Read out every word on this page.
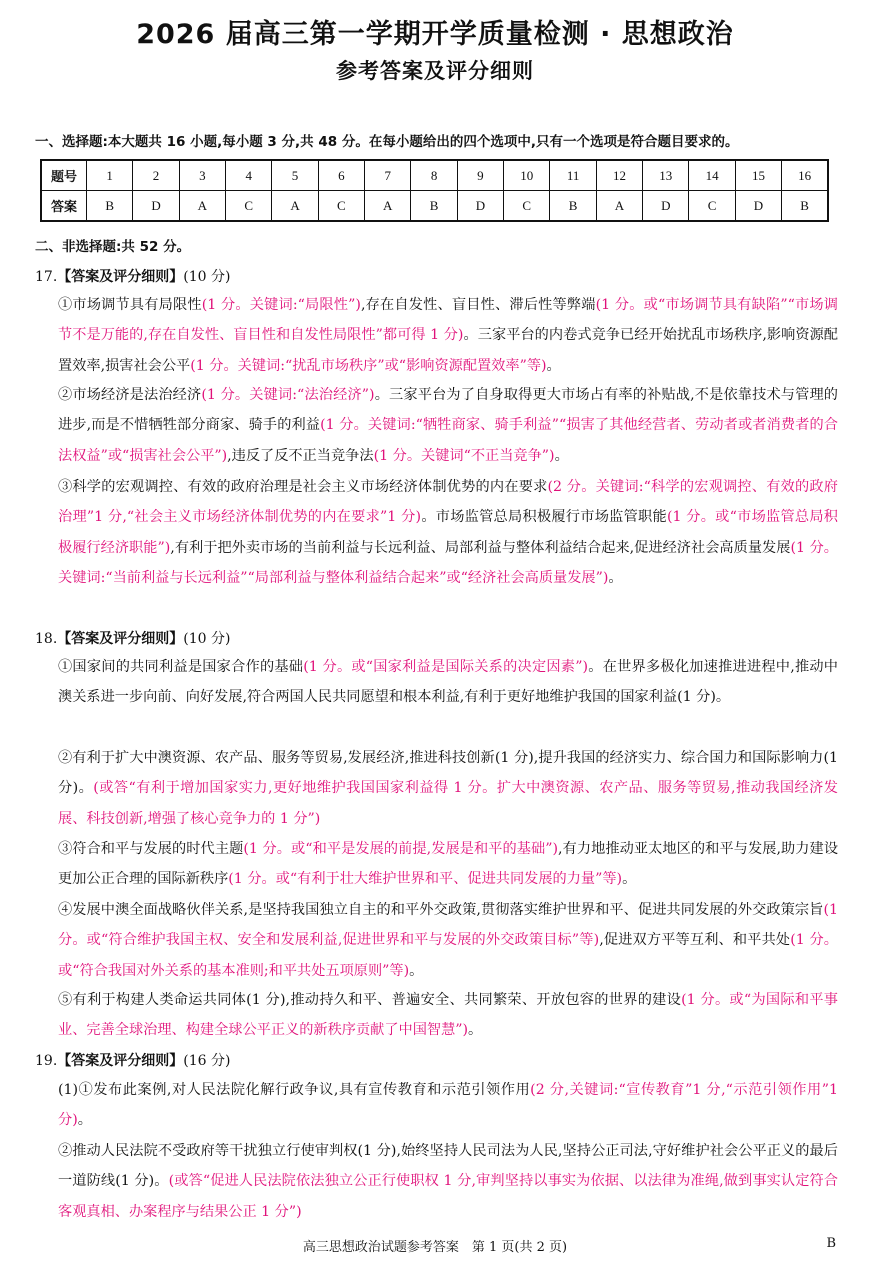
2026 届高三第一学期开学质量检测 · 思想政治
参考答案及评分细则
一、选择题:本大题共 16 小题,每小题 3 分,共 48 分。在每小题给出的四个选项中,只有一个选项是符合题目要求的。
题号	1	2	3	4	5	6	7	8	9	10	11	12	13	14	15	16
答案	B	D	A	C	A	C	A	B	D	C	B	A	D	C	D	B
二、非选择题:共 52 分。
17.【答案及评分细则】(10 分)

①市场调节具有局限性(1 分。关键词:“局限性”),存在自发性、盲目性、滞后性等弊端(1 分。或“市场调节具有缺陷”“市场调节不是万能的,存在自发性、盲目性和自发性局限性”都可得 1 分)。三家平台的内卷式竞争已经开始扰乱市场秩序,影响资源配置效率,损害社会公平(1 分。关键词:“扰乱市场秩序”或“影响资源配置效率”等)。

②市场经济是法治经济(1 分。关键词:“法治经济”)。三家平台为了自身取得更大市场占有率的补贴战,不是依靠技术与管理的进步,而是不惜牺牲部分商家、骑手的利益(1 分。关键词:“牺牲商家、骑手利益”“损害了其他经营者、劳动者或者消费者的合法权益”或“损害社会公平”),违反了反不正当竞争法(1 分。关键词“不正当竞争”)。

③科学的宏观调控、有效的政府治理是社会主义市场经济体制优势的内在要求(2 分。关键词:“科学的宏观调控、有效的政府治理”1 分,“社会主义市场经济体制优势的内在要求”1 分)。市场监管总局积极履行市场监管职能(1 分。或“市场监管总局积极履行经济职能”),有利于把外卖市场的当前利益与长远利益、局部利益与整体利益结合起来,促进经济社会高质量发展(1 分。关键词:“当前利益与长远利益”“局部利益与整体利益结合起来”或“经济社会高质量发展”)。

18.【答案及评分细则】(10 分)

①国家间的共同利益是国家合作的基础(1 分。或“国家利益是国际关系的决定因素”)。在世界多极化加速推进进程中,推动中澳关系进一步向前、向好发展,符合两国人民共同愿望和根本利益,有利于更好地维护我国的国家利益(1 分)。

②有利于扩大中澳资源、农产品、服务等贸易,发展经济,推进科技创新(1 分),提升我国的经济实力、综合国力和国际影响力(1 分)。(或答“有利于增加国家实力,更好地维护我国国家利益得 1 分。扩大中澳资源、农产品、服务等贸易,推动我国经济发展、科技创新,增强了核心竞争力的 1 分”)

③符合和平与发展的时代主题(1 分。或“和平是发展的前提,发展是和平的基础”),有力地推动亚太地区的和平与发展,助力建设更加公正合理的国际新秩序(1 分。或“有利于壮大维护世界和平、促进共同发展的力量”等)。

④发展中澳全面战略伙伴关系,是坚持我国独立自主的和平外交政策,贯彻落实维护世界和平、促进共同发展的外交政策宗旨(1 分。或“符合维护我国主权、安全和发展利益,促进世界和平与发展的外交政策目标”等),促进双方平等互利、和平共处(1 分。或“符合我国对外关系的基本准则;和平共处五项原则”等)。

⑤有利于构建人类命运共同体(1 分),推动持久和平、普遍安全、共同繁荣、开放包容的世界的建设(1 分。或“为国际和平事业、完善全球治理、构建全球公平正义的新秩序贡献了中国智慧”)。

19.【答案及评分细则】(16 分)

(1)①发布此案例,对人民法院化解行政争议,具有宣传教育和示范引领作用(2 分,关键词:“宣传教育”1 分,“示范引领作用”1 分)。

②推动人民法院不受政府等干扰独立行使审判权(1 分),始终坚持人民司法为人民,坚持公正司法,守好维护社会公平正义的最后一道防线(1 分)。(或答“促进人民法院依法独立公正行使职权 1 分,审判坚持以事实为依据、以法律为准绳,做到事实认定符合客观真相、办案程序与结果公正 1 分”)

高三思想政治试题参考答案　第 1 页(共 2 页)	B
